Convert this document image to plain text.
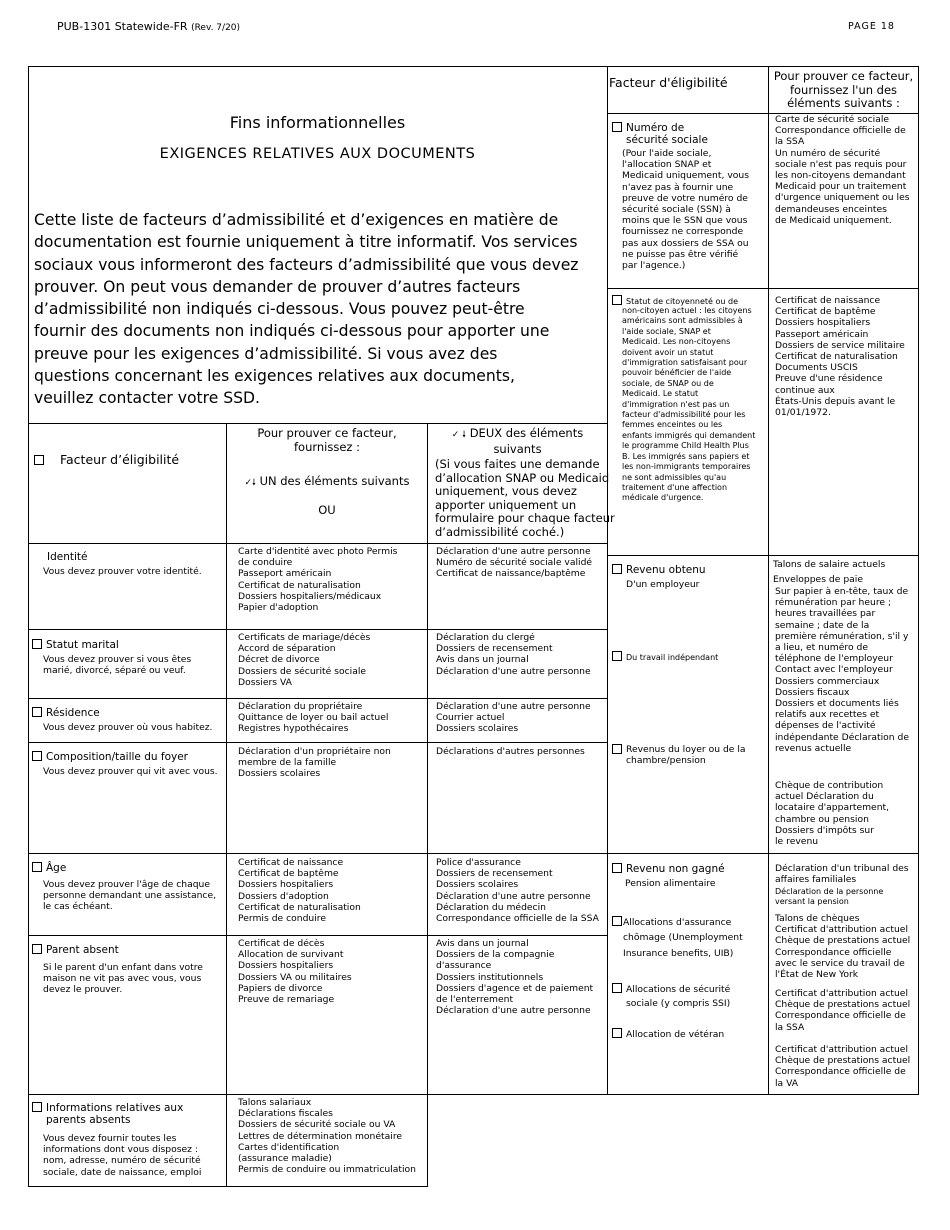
PUB-1301 Statewide-FR (Rev. 7/20)	PAGE 18
Fins informationnelles
EXIGENCES RELATIVES AUX DOCUMENTS
Cette liste de facteurs d’admissibilité et d’exigences en matière de
documentation est fournie uniquement à titre informatif. Vos services
sociaux vous informeront des facteurs d’admissibilité que vous devez
prouver. On peut vous demander de prouver d’autres facteurs
d’admissibilité non indiqués ci-dessous. Vous pouvez peut-être
fournir des documents non indiqués ci-dessous pour apporter une
preuve pour les exigences d’admissibilité. Si vous avez des
questions concernant les exigences relatives aux documents,
veuillez contacter votre SSD.
Facteur d’éligibilité
Pour prouver ce facteur,
fournissez :
✓🠗 UN des éléments suivants
OU
✓ 🠗 DEUX des éléments
suivants
(Si vous faites une demande
d’allocation SNAP ou Medicaid
uniquement, vous devez
apporter uniquement un
formulaire pour chaque facteur
d’admissibilité coché.)
Identité
Vous devez prouver votre identité.
Carte d'identité avec photo Permis
de conduire
Passeport américain
Certificat de naturalisation
Dossiers hospitaliers/médicaux
Papier d'adoption
Déclaration d'une autre personne
Numéro de sécurité sociale validé
Certificat de naissance/baptême
Statut marital
Vous devez prouver si vous êtes
marié, divorcé, séparé ou veuf.
Certificats de mariage/décès
Accord de séparation
Décret de divorce
Dossiers de sécurité sociale
Dossiers VA
Déclaration du clergé
Dossiers de recensement
Avis dans un journal
Déclaration d'une autre personne
Résidence
Vous devez prouver où vous habitez.
Déclaration du propriétaire
Quittance de loyer ou bail actuel
Registres hypothécaires
Déclaration d'une autre personne
Courrier actuel
Dossiers scolaires
Composition/taille du foyer
Vous devez prouver qui vit avec vous.
Déclaration d'un propriétaire non
membre de la famille
Dossiers scolaires
Déclarations d'autres personnes
Âge
Vous devez prouver l'âge de chaque
personne demandant une assistance,
le cas échéant.
Certificat de naissance
Certificat de baptême
Dossiers hospitaliers
Dossiers d'adoption
Certificat de naturalisation
Permis de conduire
Police d'assurance
Dossiers de recensement
Dossiers scolaires
Déclaration d'une autre personne
Déclaration du médecin
Correspondance officielle de la SSA
Parent absent
Si le parent d'un enfant dans votre
maison ne vit pas avec vous, vous
devez le prouver.
Certificat de décès
Allocation de survivant
Dossiers hospitaliers
Dossiers VA ou militaires
Papiers de divorce
Preuve de remariage
Avis dans un journal
Dossiers de la compagnie
d'assurance
Dossiers institutionnels
Dossiers d'agence et de paiement
de l'enterrement
Déclaration d'une autre personne
Informations relatives aux
parents absents
Vous devez fournir toutes les
informations dont vous disposez :
nom, adresse, numéro de sécurité
sociale, date de naissance, emploi
Talons salariaux
Déclarations fiscales
Dossiers de sécurité sociale ou VA
Lettres de détermination monétaire
Cartes d'identification
(assurance maladie)
Permis de conduire ou immatriculation
Facteur d'éligibilité	Pour prouver ce facteur,
fournissez l'un des
éléments suivants :
Numéro de
sécurité sociale
(Pour l'aide sociale,
l'allocation SNAP et
Medicaid uniquement, vous
n'avez pas à fournir une
preuve de votre numéro de
sécurité sociale (SSN) à
moins que le SSN que vous
fournissez ne corresponde
pas aux dossiers de SSA ou
ne puisse pas être vérifié
par l'agence.)
Carte de sécurité sociale
Correspondance officielle de
la SSA
Un numéro de sécurité
sociale n'est pas requis pour
les non-citoyens demandant
Medicaid pour un traitement
d'urgence uniquement ou les
demandeuses enceintes
de Medicaid uniquement.
Statut de citoyenneté ou de
non-citoyen actuel : les citoyens
américains sont admissibles à
l'aide sociale, SNAP et
Medicaid. Les non-citoyens
doivent avoir un statut
d'immigration satisfaisant pour
pouvoir bénéficier de l'aide
sociale, de SNAP ou de
Medicaid. Le statut
d'immigration n'est pas un
facteur d'admissibilité pour les
femmes enceintes ou les
enfants immigrés qui demandent
le programme Child Health Plus
B. Les immigrés sans papiers et
les non-immigrants temporaires
ne sont admissibles qu'au
traitement d'une affection
médicale d'urgence.
Certificat de naissance
Certificat de baptême
Dossiers hospitaliers
Passeport américain
Dossiers de service militaire
Certificat de naturalisation
Documents USCIS
Preuve d'une résidence
continue aux
États-Unis depuis avant le
01/01/1972.
Revenu obtenu
D'un employeur
Du travail indépendant
Revenus du loyer ou de la
chambre/pension
Talons de salaire actuels
Enveloppes de paie
Sur papier à en-tête, taux de
rémunération par heure ;
heures travaillées par
semaine ; date de la
première rémunération, s'il y
a lieu, et numéro de
téléphone de l'employeur
Contact avec l'employeur
Dossiers commerciaux
Dossiers fiscaux
Dossiers et documents liés
relatifs aux recettes et
dépenses de l'activité
indépendante Déclaration de
revenus actuelle
Chèque de contribution
actuel Déclaration du
locataire d'appartement,
chambre ou pension
Dossiers d'impôts sur
le revenu
Revenu non gagné
Pension alimentaire
Allocations d'assurance
chômage (Unemployment
Insurance benefits, UIB)
Allocations de sécurité
sociale (y compris SSI)
Allocation de vétéran
Déclaration d'un tribunal des
affaires familiales
Déclaration de la personne
versant la pension
Talons de chèques
Certificat d'attribution actuel
Chèque de prestations actuel
Correspondance officielle
avec le service du travail de
l'État de New York
Certificat d'attribution actuel
Chèque de prestations actuel
Correspondance officielle de
la SSA
Certificat d'attribution actuel
Chèque de prestations actuel
Correspondance officielle de
la VA
